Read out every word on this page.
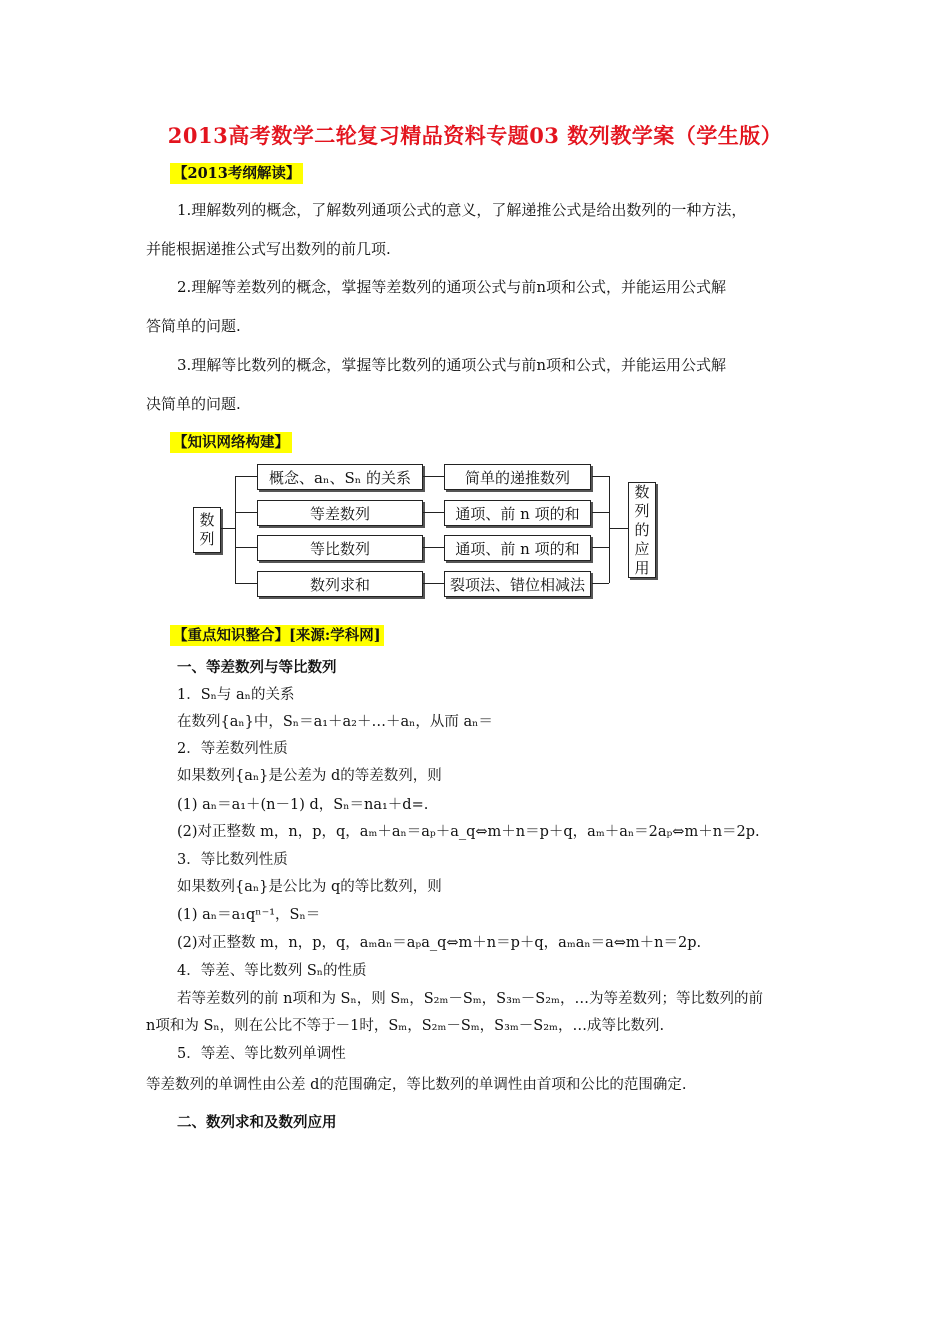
2013高考数学二轮复习精品资料专题03 数列教学案（学生版）
【2013考纲解读】
1.理解数列的概念，了解数列通项公式的意义，了解递推公式是给出数列的一种方法，
并能根据递推公式写出数列的前几项.
2.理解等差数列的概念，掌握等差数列的通项公式与前n项和公式，并能运用公式解
答简单的问题.
3.理解等比数列的概念，掌握等比数列的通项公式与前n项和公式，并能运用公式解
决简单的问题.
【知识网络构建】
数
列
概念、aₙ、Sₙ 的关系
等差数列
等比数列
数列求和
简单的递推数列
通项、前 n 项的和
通项、前 n 项的和
裂项法、错位相减法
数
列
的
应
用
【重点知识整合】[来源:学科网]
一、等差数列与等比数列
1．Sₙ与 aₙ的关系
在数列{aₙ}中，Sₙ＝a₁＋a₂＋…＋aₙ，从而 aₙ＝
2．等差数列性质
如果数列{aₙ}是公差为 d的等差数列，则
(1) aₙ＝a₁＋(n－1) d，Sₙ＝na₁＋d=.
(2)对正整数 m，n，p，q，aₘ＋aₙ＝aₚ＋a_q⇔m＋n＝p＋q，aₘ＋aₙ＝2aₚ⇔m＋n＝2p.
3．等比数列性质
如果数列{aₙ}是公比为 q的等比数列，则
(1) aₙ＝a₁qⁿ⁻¹，Sₙ＝
(2)对正整数 m，n，p，q，aₘaₙ＝aₚa_q⇔m＋n＝p＋q，aₘaₙ＝a⇔m＋n＝2p.
4．等差、等比数列 Sₙ的性质
若等差数列的前 n项和为 Sₙ，则 Sₘ，S₂ₘ－Sₘ，S₃ₘ－S₂ₘ，…为等差数列；等比数列的前
n项和为 Sₙ，则在公比不等于－1时，Sₘ，S₂ₘ－Sₘ，S₃ₘ－S₂ₘ，…成等比数列.
5．等差、等比数列单调性
等差数列的单调性由公差 d的范围确定，等比数列的单调性由首项和公比的范围确定.
二、数列求和及数列应用
